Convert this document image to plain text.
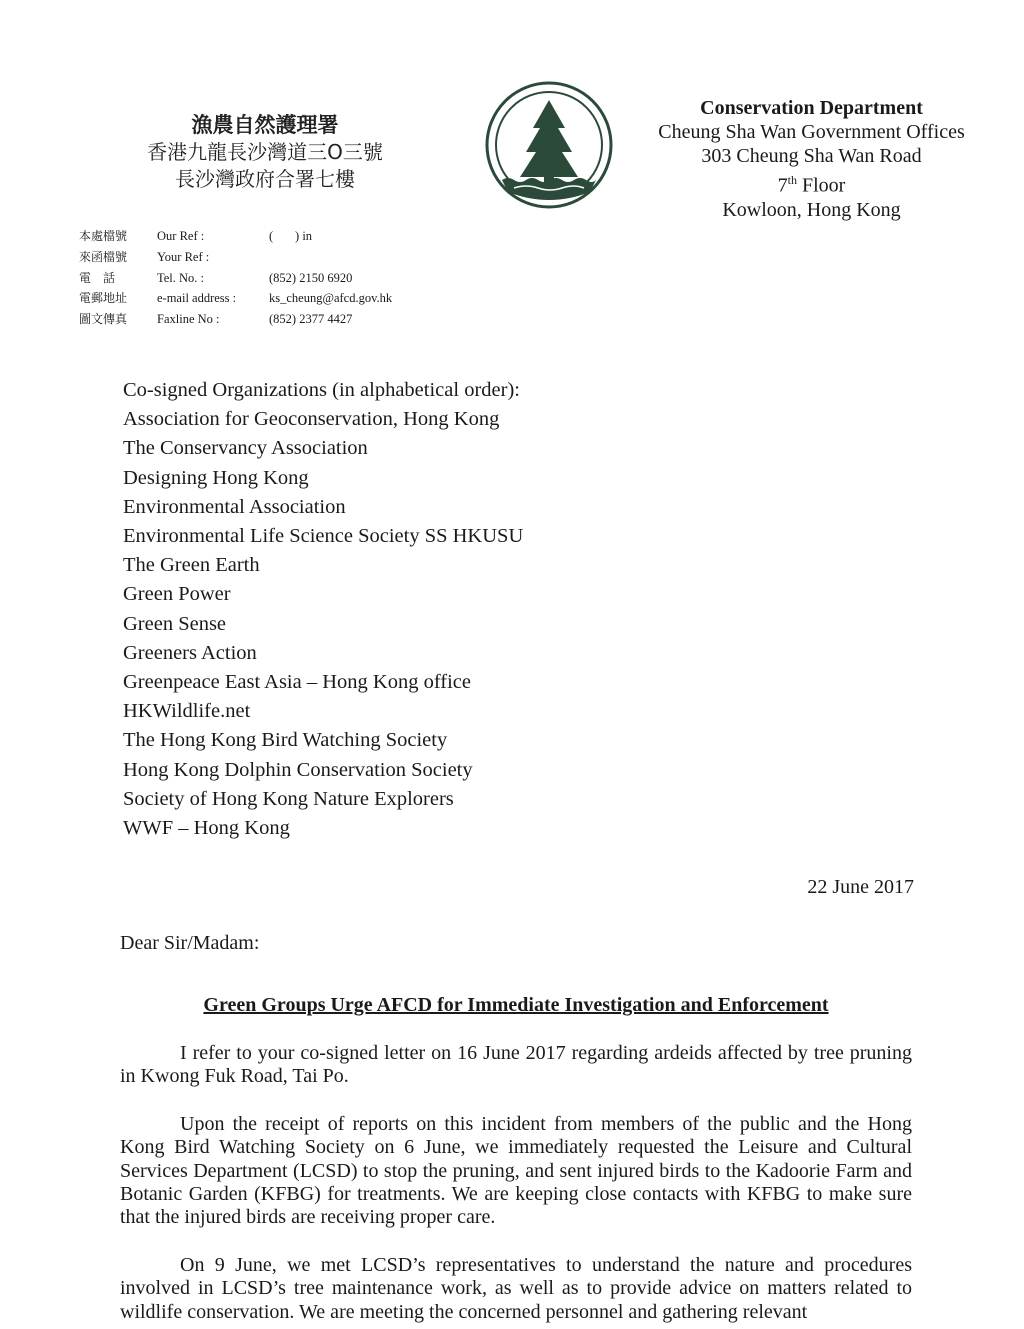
漁農自然護理署
香港九龍長沙灣道三O三號
長沙灣政府合署七樓
Conservation Department
Cheung Sha Wan Government Offices
303 Cheung Sha Wan Road
7th Floor
Kowloon, Hong Kong
本處檔號	Our Ref :	(       ) in
來函檔號	Your Ref :
電　話	Tel. No. :	(852) 2150 6920
電郵地址	e-mail address :	ks_cheung@afcd.gov.hk
圖文傳真	Faxline No :	(852) 2377 4427
Co-signed Organizations (in alphabetical order):
Association for Geoconservation, Hong Kong
The Conservancy Association
Designing Hong Kong
Environmental Association
Environmental Life Science Society SS HKUSU
The Green Earth
Green Power
Green Sense
Greeners Action
Greenpeace East Asia – Hong Kong office
HKWildlife.net
The Hong Kong Bird Watching Society
Hong Kong Dolphin Conservation Society
Society of Hong Kong Nature Explorers
WWF – Hong Kong
22 June 2017
Dear Sir/Madam:
Green Groups Urge AFCD for Immediate Investigation and Enforcement

I refer to your co-signed letter on 16 June 2017 regarding ardeids affected by tree pruning in Kwong Fuk Road, Tai Po.

Upon the receipt of reports on this incident from members of the public and the Hong Kong Bird Watching Society on 6 June, we immediately requested the Leisure and Cultural Services Department (LCSD) to stop the pruning, and sent injured birds to the Kadoorie Farm and Botanic Garden (KFBG) for treatments. We are keeping close contacts with KFBG to make sure that the injured birds are receiving proper care.

On 9 June, we met LCSD’s representatives to understand the nature and procedures involved in LCSD’s tree maintenance work, as well as to provide advice on matters related to wildlife conservation. We are meeting the concerned personnel and gathering relevant
